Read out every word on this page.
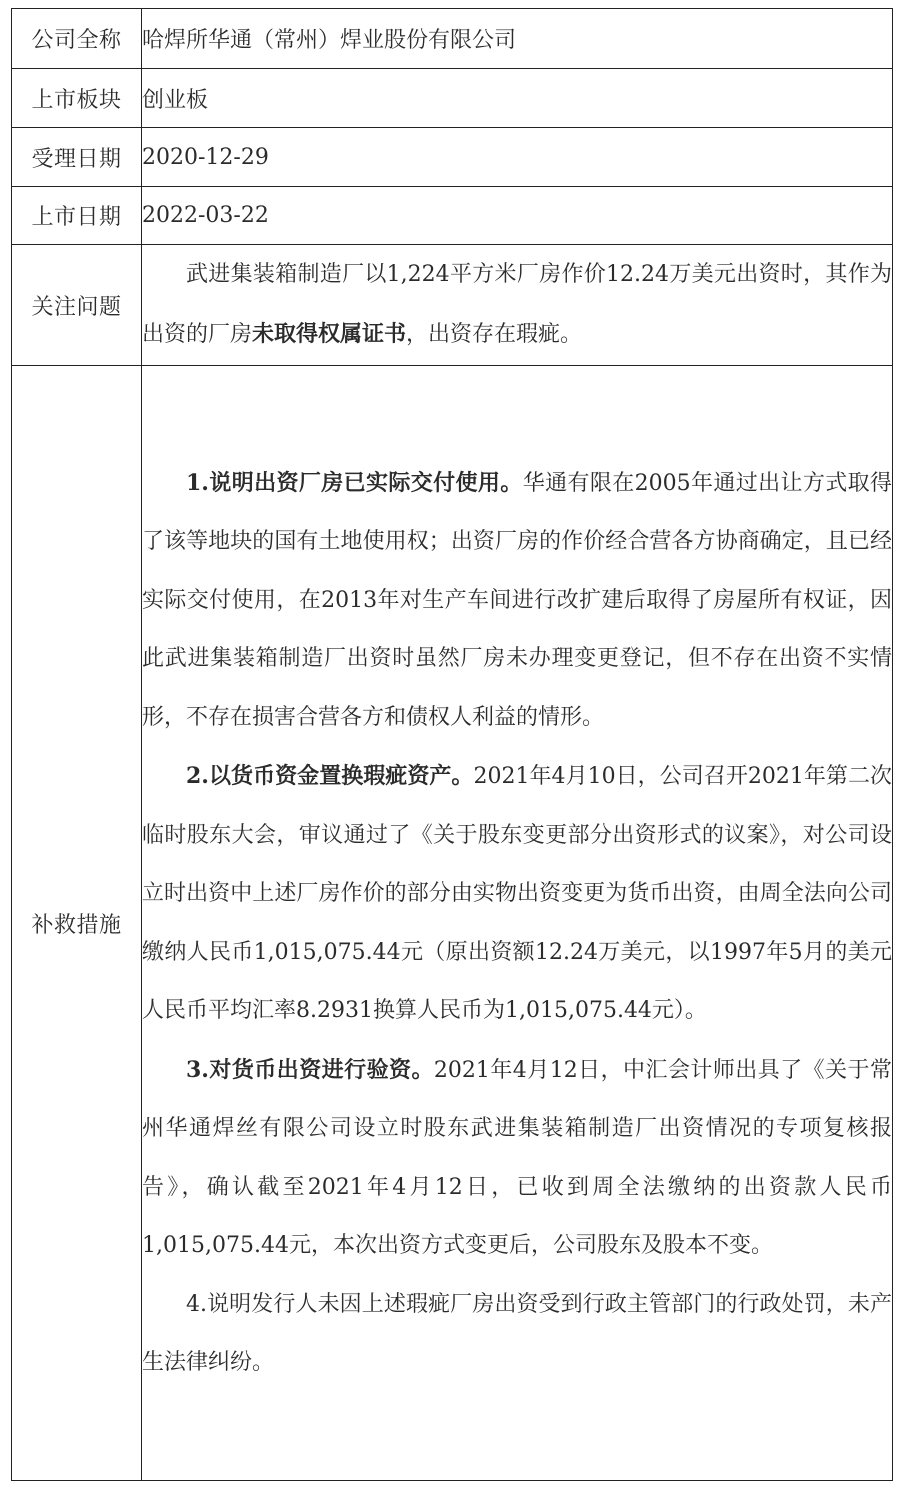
公司全称	哈焊所华通（常州）焊业股份有限公司
上市板块	创业板
受理日期	2020-12-29
上市日期	2022-03-22
关注问题	武进集装箱制造厂以1,224平方米厂房作价12.24万美元出资时，其作为出资的厂房未取得权属证书，出资存在瑕疵。

补救措施	1.说明出资厂房已实际交付使用。华通有限在2005年通过出让方式取得了该等地块的国有土地使用权；出资厂房的作价经合营各方协商确定，且已经实际交付使用，在2013年对生产车间进行改扩建后取得了房屋所有权证，因此武进集装箱制造厂出资时虽然厂房未办理变更登记，但不存在出资不实情形，不存在损害合营各方和债权人利益的情形。

2.以货币资金置换瑕疵资产。2021年4月10日，公司召开2021年第二次临时股东大会，审议通过了《关于股东变更部分出资形式的议案》，对公司设立时出资中上述厂房作价的部分由实物出资变更为货币出资，由周全法向公司缴纳人民币1,015,075.44元（原出资额12.24万美元，以1997年5月的美元人民币平均汇率8.2931换算人民币为1,015,075.44元）。

3.对货币出资进行验资。2021年4月12日，中汇会计师出具了《关于常州华通焊丝有限公司设立时股东武进集装箱制造厂出资情况的专项复核报告》，确认截至2021年4月12日，已收到周全法缴纳的出资款人民币1,015,075.44元，本次出资方式变更后，公司股东及股本不变。

4.说明发行人未因上述瑕疵厂房出资受到行政主管部门的行政处罚，未产生法律纠纷。
